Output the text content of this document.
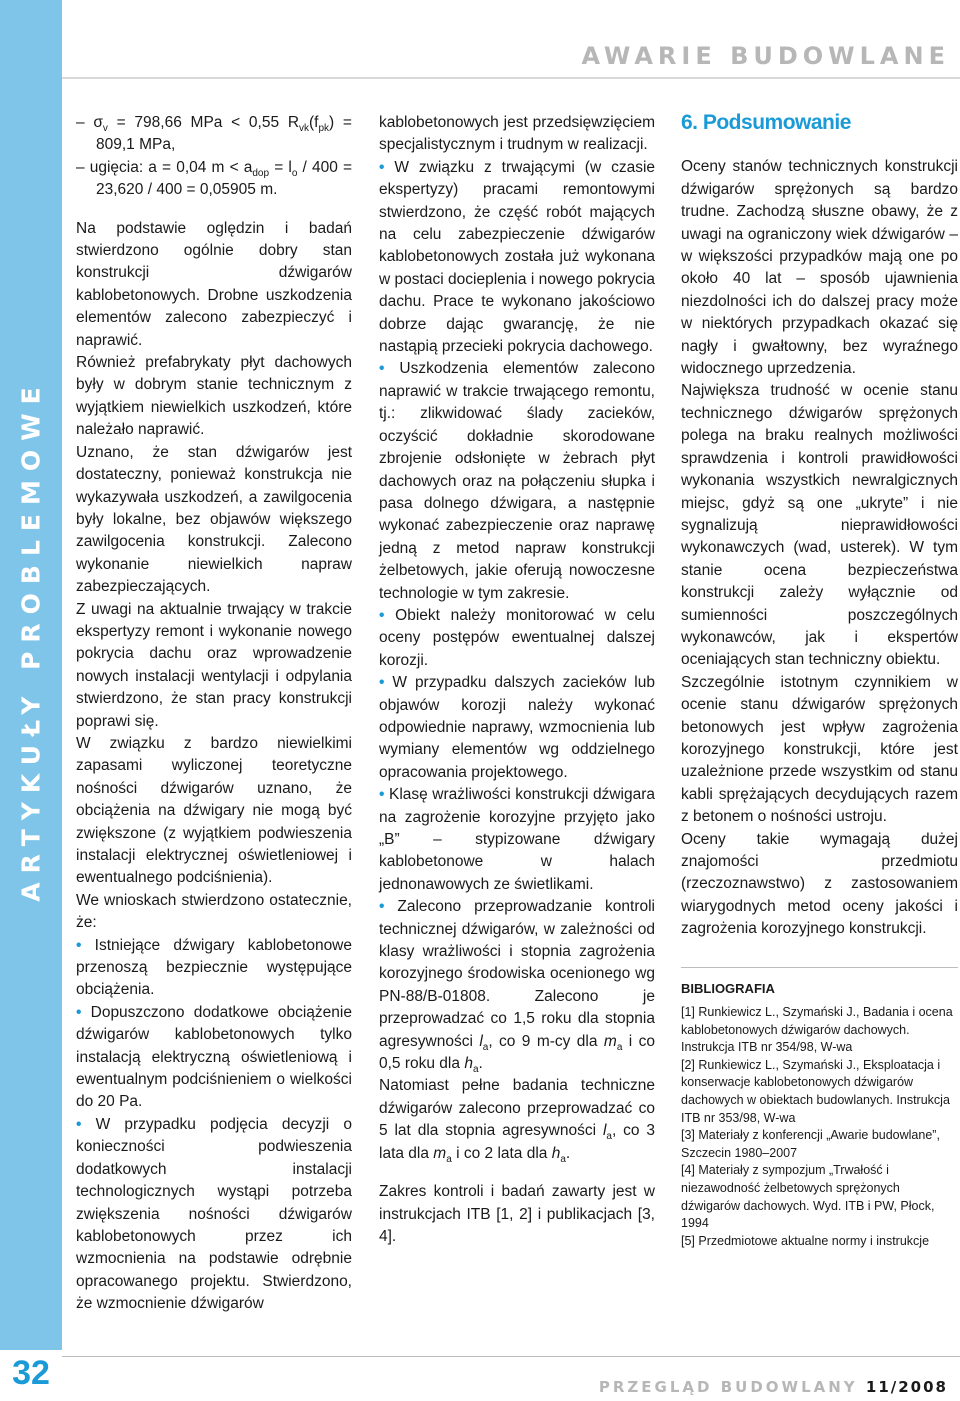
ARTYKUŁY PROBLEMOWE
AWARIE BUDOWLANE

– $\sigma_v = 798,66$ MPa < 0,55 $R_{vk}(f_{pk}) = 809,1$ MPa,

– ugięcia: a = 0,04 $m < a_{dop} = l_o / 400 = 23,620 / 400 = 0,05905$ m.

Na podstawie oględzin i badań stwierdzono ogólnie dobry stan konstrukcji dźwigarów kablobetonowych. Drobne uszkodzenia elementów zalecono zabezpieczyć i naprawić.

Również prefabrykaty płyt dachowych były w dobrym stanie technicznym z wyjątkiem niewielkich uszkodzeń, które należało naprawić.

Uznano, że stan dźwigarów jest dostateczny, ponieważ konstrukcja nie wykazywała uszkodzeń, a zawilgocenia były lokalne, bez objawów większego zawilgocenia konstrukcji. Zalecono wykonanie niewielkich napraw zabezpieczających.

Z uwagi na aktualnie trwający w trakcie ekspertyzy remont i wykonanie nowego pokrycia dachu oraz wprowadzenie nowych instalacji wentylacji i odpylania stwierdzono, że stan pracy konstrukcji poprawi się.

W związku z bardzo niewielkimi zapasami wyliczonej teoretyczne nośności dźwigarów uznano, że obciążenia na dźwigary nie mogą być zwiększone (z wyjątkiem podwieszenia instalacji elektrycznej oświetleniowej i ewentualnego podciśnienia).

We wnioskach stwierdzono ostatecznie, że:

• Istniejące dźwigary kablobetonowe przenoszą bezpiecznie występujące obciążenia.

• Dopuszczono dodatkowe obciążenie dźwigarów kablobetonowych tylko instalacją elektryczną oświetleniową i ewentualnym podciśnieniem o wielkości do 20 Pa.

• W przypadku podjęcia decyzji o konieczności podwieszenia dodatkowych instalacji technologicznych wystąpi potrzeba zwiększenia nośności dźwigarów kablobetonowych przez ich wzmocnienia na podstawie odrębnie opracowanego projektu. Stwierdzono, że wzmocnienie dźwigarów

kablobetonowych jest przedsięwzięciem specjalistycznym i trudnym w realizacji.

• W związku z trwającymi (w czasie ekspertyzy) pracami remontowymi stwierdzono, że część robót mających na celu zabezpieczenie dźwigarów kablobetonowych została już wykonana w postaci docieplenia i nowego pokrycia dachu. Prace te wykonano jakościowo dobrze dając gwarancję, że nie nastąpią przecieki pokrycia dachowego.

• Uszkodzenia elementów zalecono naprawić w trakcie trwającego remontu, tj.: zlikwidować ślady zacieków, oczyścić dokładnie skorodowane zbrojenie odsłonięte w żebrach płyt dachowych oraz na połączeniu słupka i pasa dolnego dźwigara, a następnie wykonać zabezpieczenie oraz naprawę jedną z metod napraw konstrukcji żelbetowych, jakie oferują nowoczesne technologie w tym zakresie.

• Obiekt należy monitorować w celu oceny postępów ewentualnej dalszej korozji.

• W przypadku dalszych zacieków lub objawów korozji należy wykonać odpowiednie naprawy, wzmocnienia lub wymiany elementów wg oddzielnego opracowania projektowego.

• Klasę wrażliwości konstrukcji dźwigara na zagrożenie korozyjne przyjęto jako „B” – stypizowane dźwigary kablobetonowe w halach jednonawowych ze świetlikami.

• Zalecono przeprowadzanie kontroli technicznej dźwigarów, w zależności od klasy wrażliwości i stopnia zagrożenia korozyjnego środowiska ocenionego wg PN-88/B-01808. Zalecono je przeprowadzać co 1,5 roku dla stopnia agresywności $l_a$, co 9 m-cy dla $m_a$ i co 0,5 roku dla $h_a$.

Natomiast pełne badania techniczne dźwigarów zalecono przeprowadzać co 5 lat dla stopnia agresywności $l_a$, co 3 lata dla $m_a$ i co 2 lata dla $h_a$.

Zakres kontroli i badań zawarty jest w instrukcjach ITB [1, 2] i publikacjach [3, 4].

6. Podsumowanie

Oceny stanów technicznych konstrukcji dźwigarów sprężonych są bardzo trudne. Zachodzą słuszne obawy, że z uwagi na ograniczony wiek dźwigarów – w większości przypadków mają one po około 40 lat – sposób ujawnienia niezdolności ich do dalszej pracy może w niektórych przypadkach okazać się nagły i gwałtowny, bez wyraźnego widocznego uprzedzenia.

Największa trudność w ocenie stanu technicznego dźwigarów sprężonych polega na braku realnych możliwości sprawdzenia i kontroli prawidłowości wykonania wszystkich newralgicznych miejsc, gdyż są one „ukryte” i nie sygnalizują nieprawidłowości wykonawczych (wad, usterek). W tym stanie ocena bezpieczeństwa konstrukcji zależy wyłącznie od sumienności poszczególnych wykonawców, jak i ekspertów oceniających stan techniczny obiektu.

Szczególnie istotnym czynnikiem w ocenie stanu dźwigarów sprężonych betonowych jest wpływ zagrożenia korozyjnego konstrukcji, które jest uzależnione przede wszystkim od stanu kabli sprężających decydujących razem z betonem o nośności ustroju.

Oceny takie wymagają dużej znajomości przedmiotu (rzeczoznawstwo) z zastosowaniem wiarygodnych metod oceny jakości i zagrożenia korozyjnego konstrukcji.

BIBLIOGRAFIA

[1] Runkiewicz L., Szymański J., Badania i ocena kablobetonowych dźwigarów dachowych. Instrukcja ITB nr 354/98, W-wa

[2] Runkiewicz L., Szymański J., Eksploatacja i konserwacje kablobetonowych dźwigarów dachowych w obiektach budowlanych. Instrukcja ITB nr 353/98, W-wa

[3] Materiały z konferencji „Awarie budowlane”, Szczecin 1980–2007

[4] Materiały z sympozjum „Trwałość i niezawodność żelbetowych sprężonych dźwigarów dachowych. Wyd. ITB i PW, Płock, 1994

[5] Przedmiotowe aktualne normy i instrukcje

32	PRZEGLĄD BUDOWLANY 11/2008
